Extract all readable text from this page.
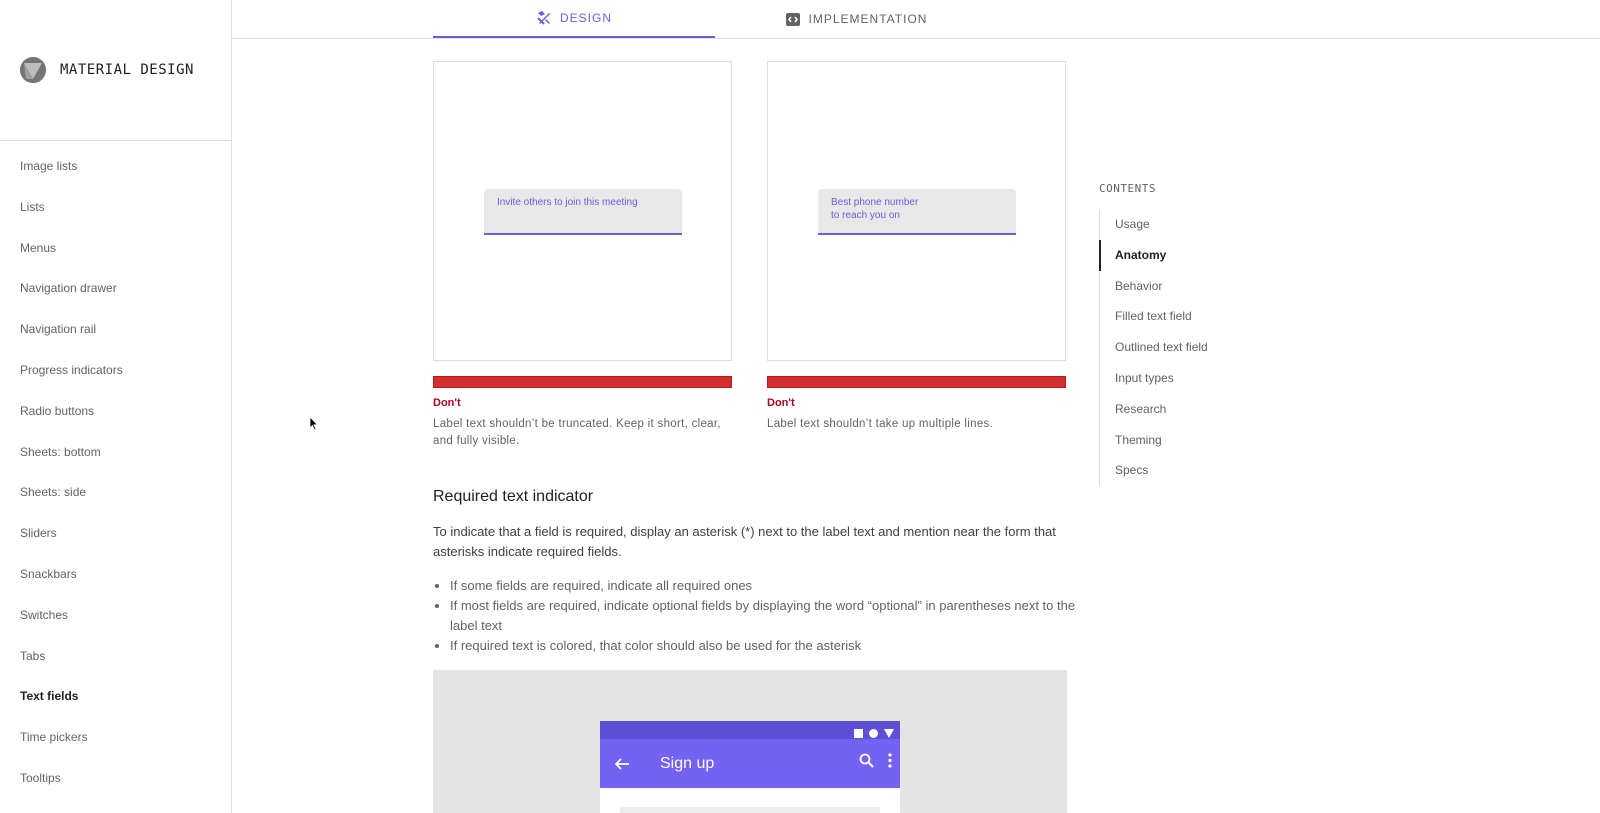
MATERIAL DESIGN
Image lists
Lists
Menus
Navigation drawer
Navigation rail
Progress indicators
Radio buttons
Sheets: bottom
Sheets: side
Sliders
Snackbars
Switches
Tabs
Text fields
Time pickers
Tooltips
DESIGN	IMPLEMENTATION
Invite others to join this meeting	Best phone number
to reach you on
Don't
Label text shouldn’t be truncated. Keep it short, clear, and fully visible.
Don't
Label text shouldn’t take up multiple lines.
Required text indicator

To indicate that a field is required, display an asterisk (*) next to the label text and mention near the form that asterisks indicate required fields.

• If some fields are required, indicate all required ones
• If most fields are required, indicate optional fields by displaying the word “optional” in parentheses next to the label text
• If required text is colored, that color should also be used for the asterisk
Sign up
CONTENTS
Usage
Anatomy
Behavior
Filled text field
Outlined text field
Input types
Research
Theming
Specs
